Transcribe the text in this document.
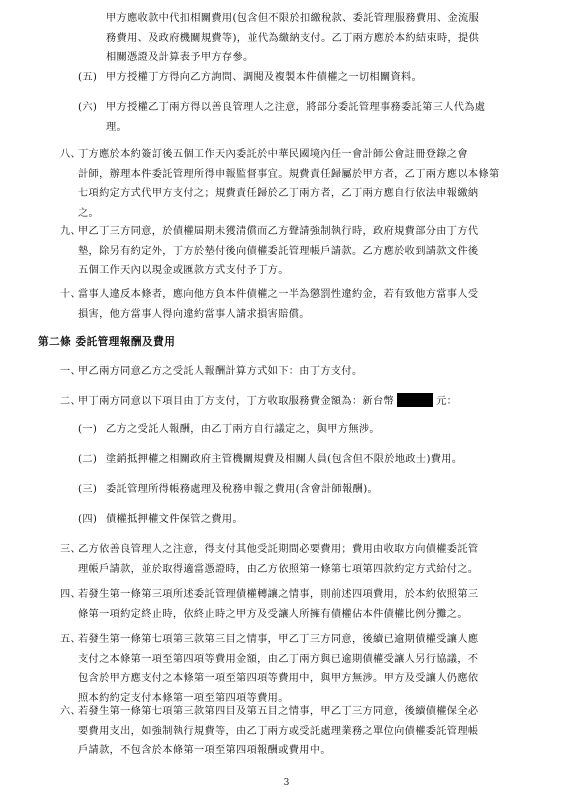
甲方應收款中代扣相關費用(包含但不限於扣繳稅款、委託管理服務費用、金流服
務費用、及政府機關規費等)，並代為繳納支付。乙丁兩方應於本約結束時，提供
相關憑證及計算表予甲方存參。
(五) 甲方授權丁方得向乙方詢問、調閱及複製本件債權之一切相關資料。
(六) 甲方授權乙丁兩方得以善良管理人之注意，將部分委託管理事務委託第三人代為處
理。
八、
丁方應於本約簽訂後五個工作天內委託於中華民國境內任一會計師公會註冊登錄之會
計師，辦理本件委託管理所得申報監督事宜。規費責任歸屬於甲方者，乙丁兩方應以本條第
七項約定方式代甲方支付之；規費責任歸於乙丁兩方者，乙丁兩方應自行依法申報繳納
之。
九、
甲乙丁三方同意，於債權屆期未獲清償而乙方聲請強制執行時，政府規費部分由丁方代
墊，除另有約定外，丁方於墊付後向債權委託管理帳戶請款。乙方應於收到請款文件後
五個工作天內以現金或匯款方式支付予丁方。
十、
當事人違反本條者，應向他方負本件債權之一半為懲罰性違約金，若有致他方當事人受
損害，他方當事人得向違約當事人請求損害賠償。
第二條 委託管理報酬及費用
一、
甲乙兩方同意乙方之受託人報酬計算方式如下：由丁方支付。
二、
甲丁兩方同意以下項目由丁方支付，丁方收取服務費金額為：新台幣	元：
(一) 乙方之受託人報酬，由乙丁兩方自行議定之，與甲方無涉。
(二) 塗銷抵押權之相關政府主管機關規費及相關人員(包含但不限於地政士)費用。
(三) 委託管理所得帳務處理及稅務申報之費用(含會計師報酬)。
(四) 債權抵押權文件保管之費用。
三、
乙方依善良管理人之注意，得支付其他受託期間必要費用；費用由收取方向債權委託管
理帳戶請款，並於取得適當憑證時，由乙方依照第一條第七項第四款約定方式給付之。
四、
若發生第一條第三項所述委託管理債權轉讓之情事，則前述四項費用，於本約依照第三
條第一項約定終止時，依終止時之甲方及受讓人所擁有債權佔本件債權比例分攤之。
五、
若發生第一條第七項第三款第三目之情事，甲乙丁三方同意，後續已逾期債權受讓人應
支付之本條第一項至第四項等費用金額，由乙丁兩方與已逾期債權受讓人另行協議，不
包含於甲方應支付之本條第一項至第四項等費用中，與甲方無涉。甲方及受讓人仍應依
照本約約定支付本條第一項至第四項等費用。
六、
若發生第一條第七項第三款第四目及第五目之情事，甲乙丁三方同意，後續債權保全必
要費用支出，如強制執行規費等，由乙丁兩方或受託處理業務之單位向債權委託管理帳
戶請款，不包含於本條第一項至第四項報酬或費用中。
3
